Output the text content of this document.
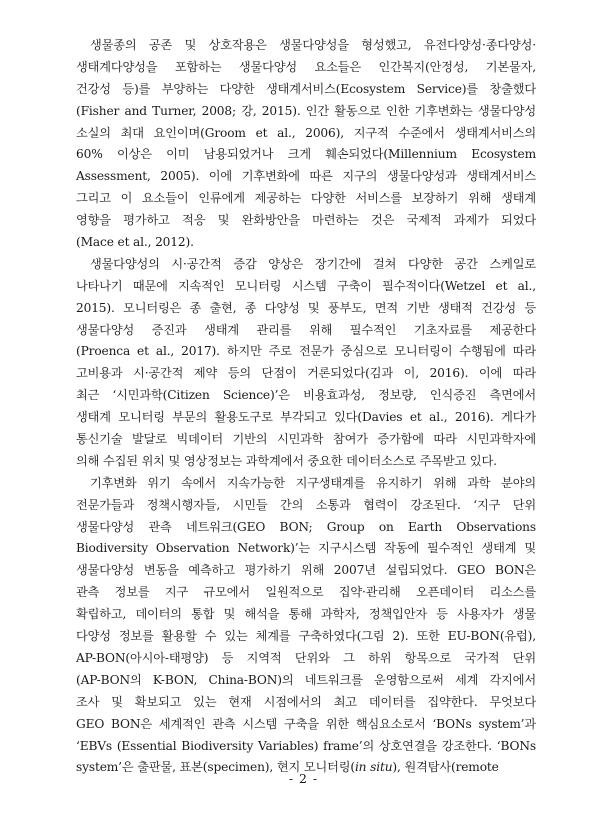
생물종의 공존 및 상호작용은 생물다양성을 형성했고, 유전다양성·종다양성·
생태계다양성을 포함하는 생물다양성 요소들은 인간복지(안정성, 기본물자,
건강성 등)를 부양하는 다양한 생태계서비스(Ecosystem Service)를 창출했다
(Fisher and Turner, 2008; 강, 2015). 인간 활동으로 인한 기후변화는 생물다양성
소실의 최대 요인이며(Groom et al., 2006), 지구적 수준에서 생태계서비스의
60% 이상은 이미 남용되었거나 크게 훼손되었다(Millennium Ecosystem
Assessment, 2005). 이에 기후변화에 따른 지구의 생물다양성과 생태계서비스
그리고 이 요소들이 인류에게 제공하는 다양한 서비스를 보장하기 위해 생태계
영향을 평가하고 적응 및 완화방안을 마련하는 것은 국제적 과제가 되었다
(Mace et al., 2012).
생물다양성의 시·공간적 증감 양상은 장기간에 걸쳐 다양한 공간 스케일로
나타나기 때문에 지속적인 모니터링 시스템 구축이 필수적이다(Wetzel et al.,
2015). 모니터링은 종 출현, 종 다양성 및 풍부도, 면적 기반 생태적 건강성 등
생물다양성 증진과 생태계 관리를 위해 필수적인 기초자료를 제공한다
(Proenca et al., 2017). 하지만 주로 전문가 중심으로 모니터링이 수행됨에 따라
고비용과 시·공간적 제약 등의 단점이 거론되었다(김과 이, 2016). 이에 따라
최근 ‘시민과학(Citizen Science)’은 비용효과성, 정보량, 인식증진 측면에서
생태계 모니터링 부문의 활용도구로 부각되고 있다(Davies et al., 2016). 게다가
통신기술 발달로 빅데이터 기반의 시민과학 참여가 증가함에 따라 시민과학자에
의해 수집된 위치 및 영상정보는 과학계에서 중요한 데이터소스로 주목받고 있다.
기후변화 위기 속에서 지속가능한 지구생태계를 유지하기 위해 과학 분야의
전문가들과 정책시행자들, 시민들 간의 소통과 협력이 강조된다. ‘지구 단위
생물다양성 관측 네트워크(GEO BON; Group on Earth Observations
Biodiversity Observation Network)’는 지구시스템 작동에 필수적인 생태계 및
생물다양성 변동을 예측하고 평가하기 위해 2007년 설립되었다. GEO BON은
관측 정보를 지구 규모에서 일원적으로 집약·관리해 오픈데이터 리소스를
확립하고, 데이터의 통합 및 해석을 통해 과학자, 정책입안자 등 사용자가 생물
다양성 정보를 활용할 수 있는 체계를 구축하였다(그림 2). 또한 EU-BON(유럽),
AP-BON(아시아-태평양) 등 지역적 단위와 그 하위 항목으로 국가적 단위
(AP-BON의 K-BON, China-BON)의 네트워크를 운영함으로써 세계 각지에서
조사 및 확보되고 있는 현재 시점에서의 최고 데이터를 집약한다. 무엇보다
GEO BON은 세계적인 관측 시스템 구축을 위한 핵심요소로서 ‘BONs system’과
‘EBVs (Essential Biodiversity Variables) frame’의 상호연결을 강조한다. ‘BONs
system’은 출판물, 표본(specimen), 현지 모니터링(in situ), 원격탐사(remote
- 2 -
